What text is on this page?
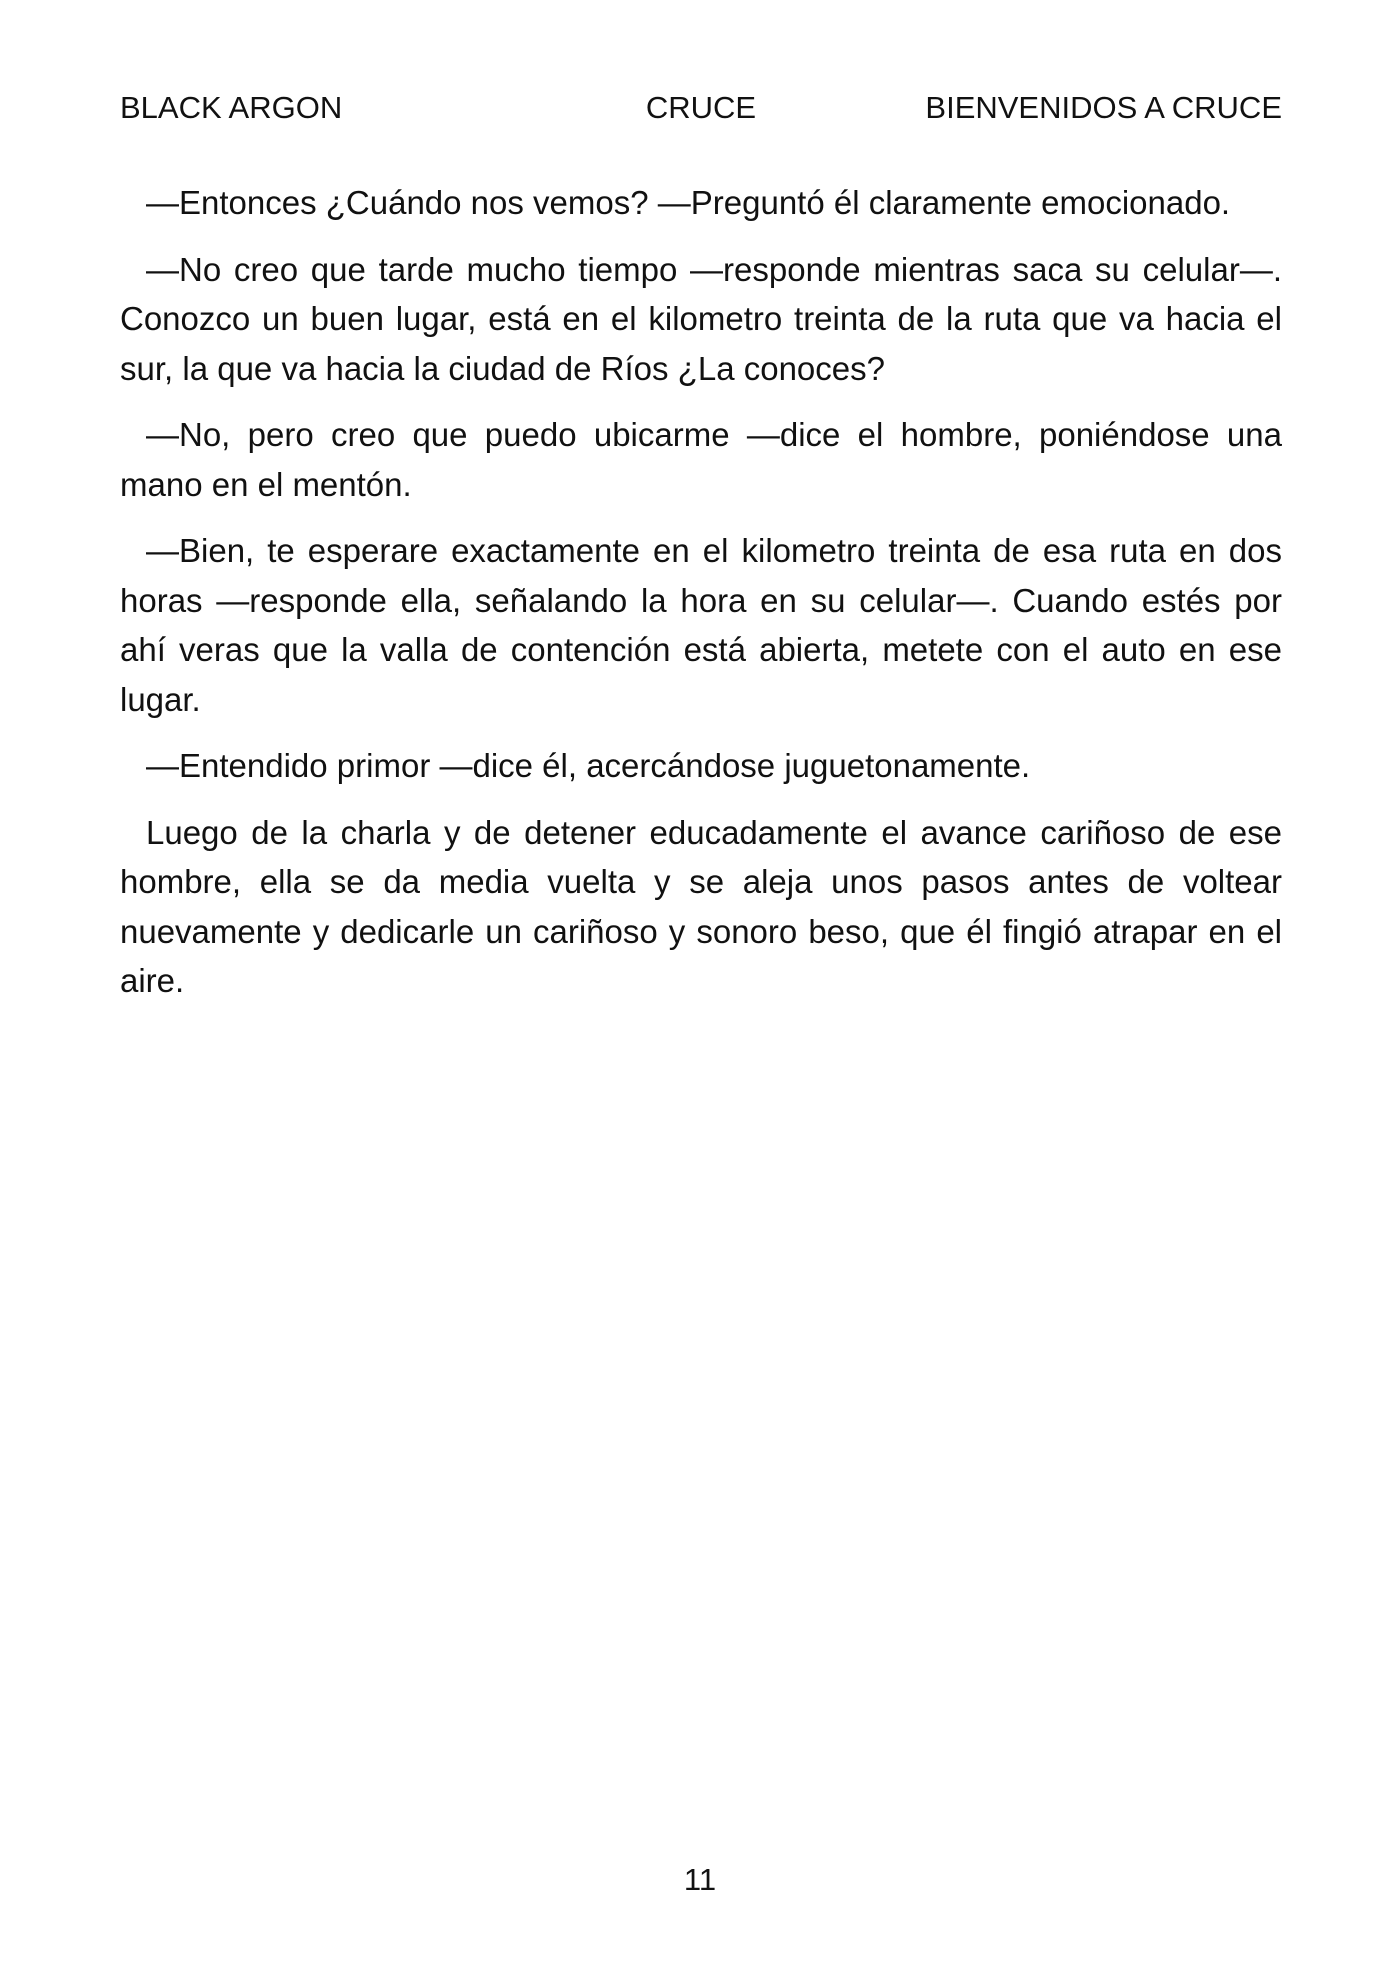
BLACK ARGON	CRUCE	BIENVENIDOS A CRUCE

—Entonces ¿Cuándo nos vemos? —Preguntó él claramente emocionado.

—No creo que tarde mucho tiempo —responde mientras saca su celular—. Conozco un buen lugar, está en el kilometro treinta de la ruta que va hacia el sur, la que va hacia la ciudad de Ríos ¿La conoces?

—No, pero creo que puedo ubicarme —dice el hombre, poniéndose una mano en el mentón.

—Bien, te esperare exactamente en el kilometro treinta de esa ruta en dos horas —responde ella, señalando la hora en su celular—. Cuando estés por ahí veras que la valla de contención está abierta, metete con el auto en ese lugar.

—Entendido primor —dice él, acercándose juguetonamente.

Luego de la charla y de detener educadamente el avance cariñoso de ese hombre, ella se da media vuelta y se aleja unos pasos antes de voltear nuevamente y dedicarle un cariñoso y sonoro beso, que él fingió atrapar en el aire.

11
